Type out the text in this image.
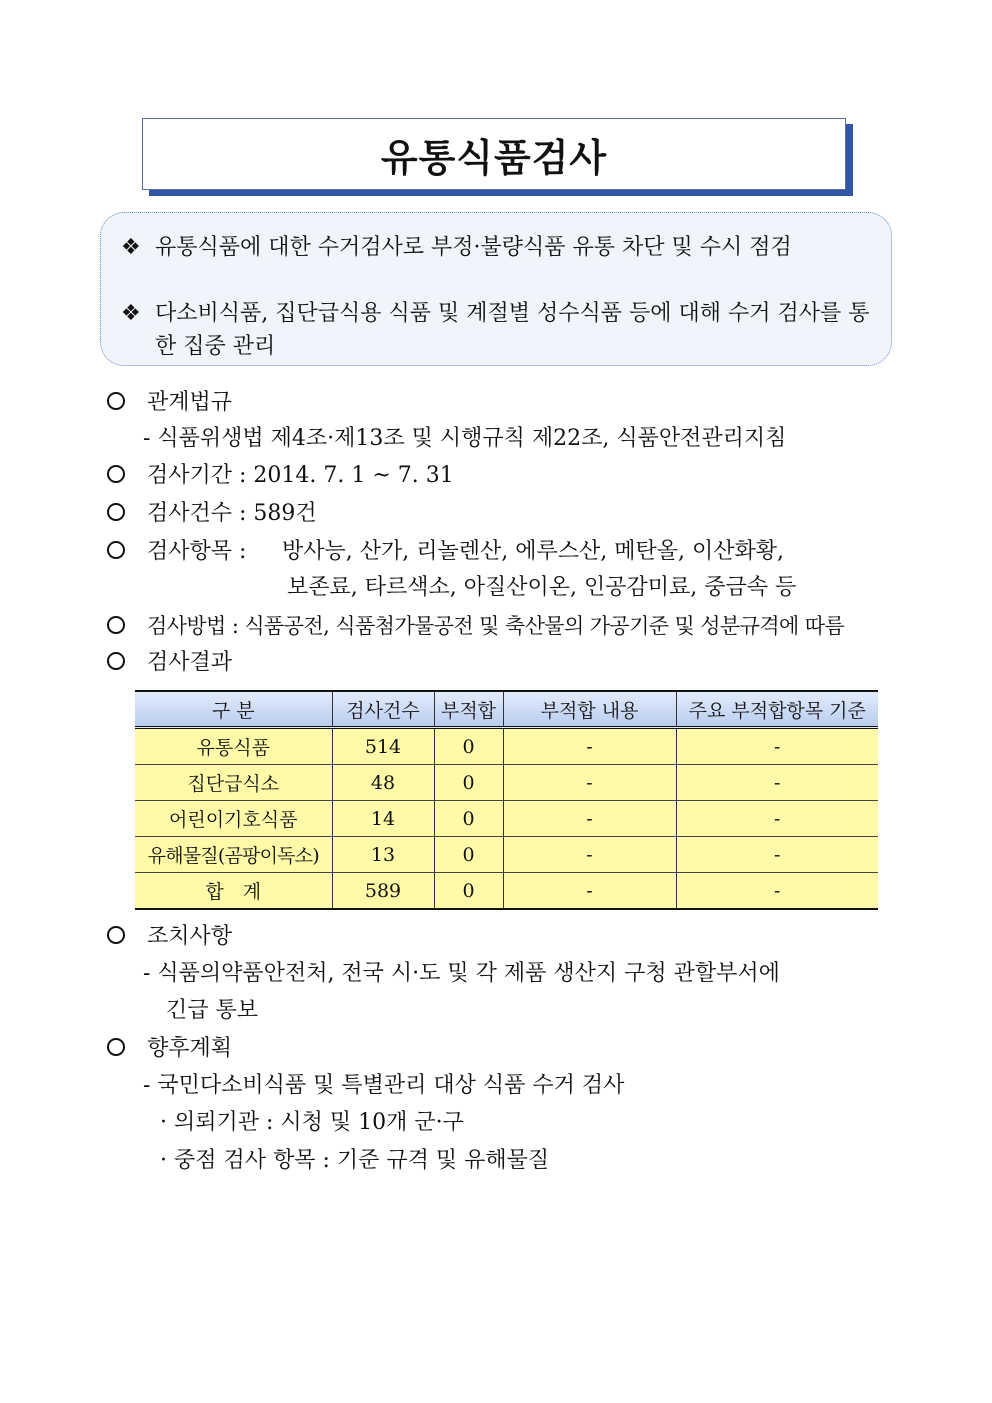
유통식품검사
❖ 유통식품에 대한 수거검사로 부정·불량식품 유통 차단 및 수시 점검
❖ 다소비식품, 집단급식용 식품 및 계절별 성수식품 등에 대해 수거 검사를 통한 집중 관리
관계법규
- 식품위생법 제4조·제13조 및 시행규칙 제22조, 식품안전관리지침
검사기간 : 2014. 7. 1 ~ 7. 31
검사건수 : 589건
검사항목 : 방사능, 산가, 리놀렌산, 에루스산, 메탄올, 이산화황,
보존료, 타르색소, 아질산이온, 인공감미료, 중금속 등
검사방법 : 식품공전, 식품첨가물공전 및 축산물의 가공기준 및 성분규격에 따름
검사결과
구 분	검사건수	부적합	부적합 내용	주요 부적합항목 기준
유통식품	514	0	-	-
집단급식소	48	0	-	-
어린이기호식품	14	0	-	-
유해물질(곰팡이독소)	13	0	-	-
합　계	589	0	-	-
조치사항
- 식품의약품안전처, 전국 시·도 및 각 제품 생산지 구청 관할부서에
긴급 통보
향후계획
- 국민다소비식품 및 특별관리 대상 식품 수거 검사
· 의뢰기관 : 시청 및 10개 군·구
· 중점 검사 항목 : 기준 규격 및 유해물질
